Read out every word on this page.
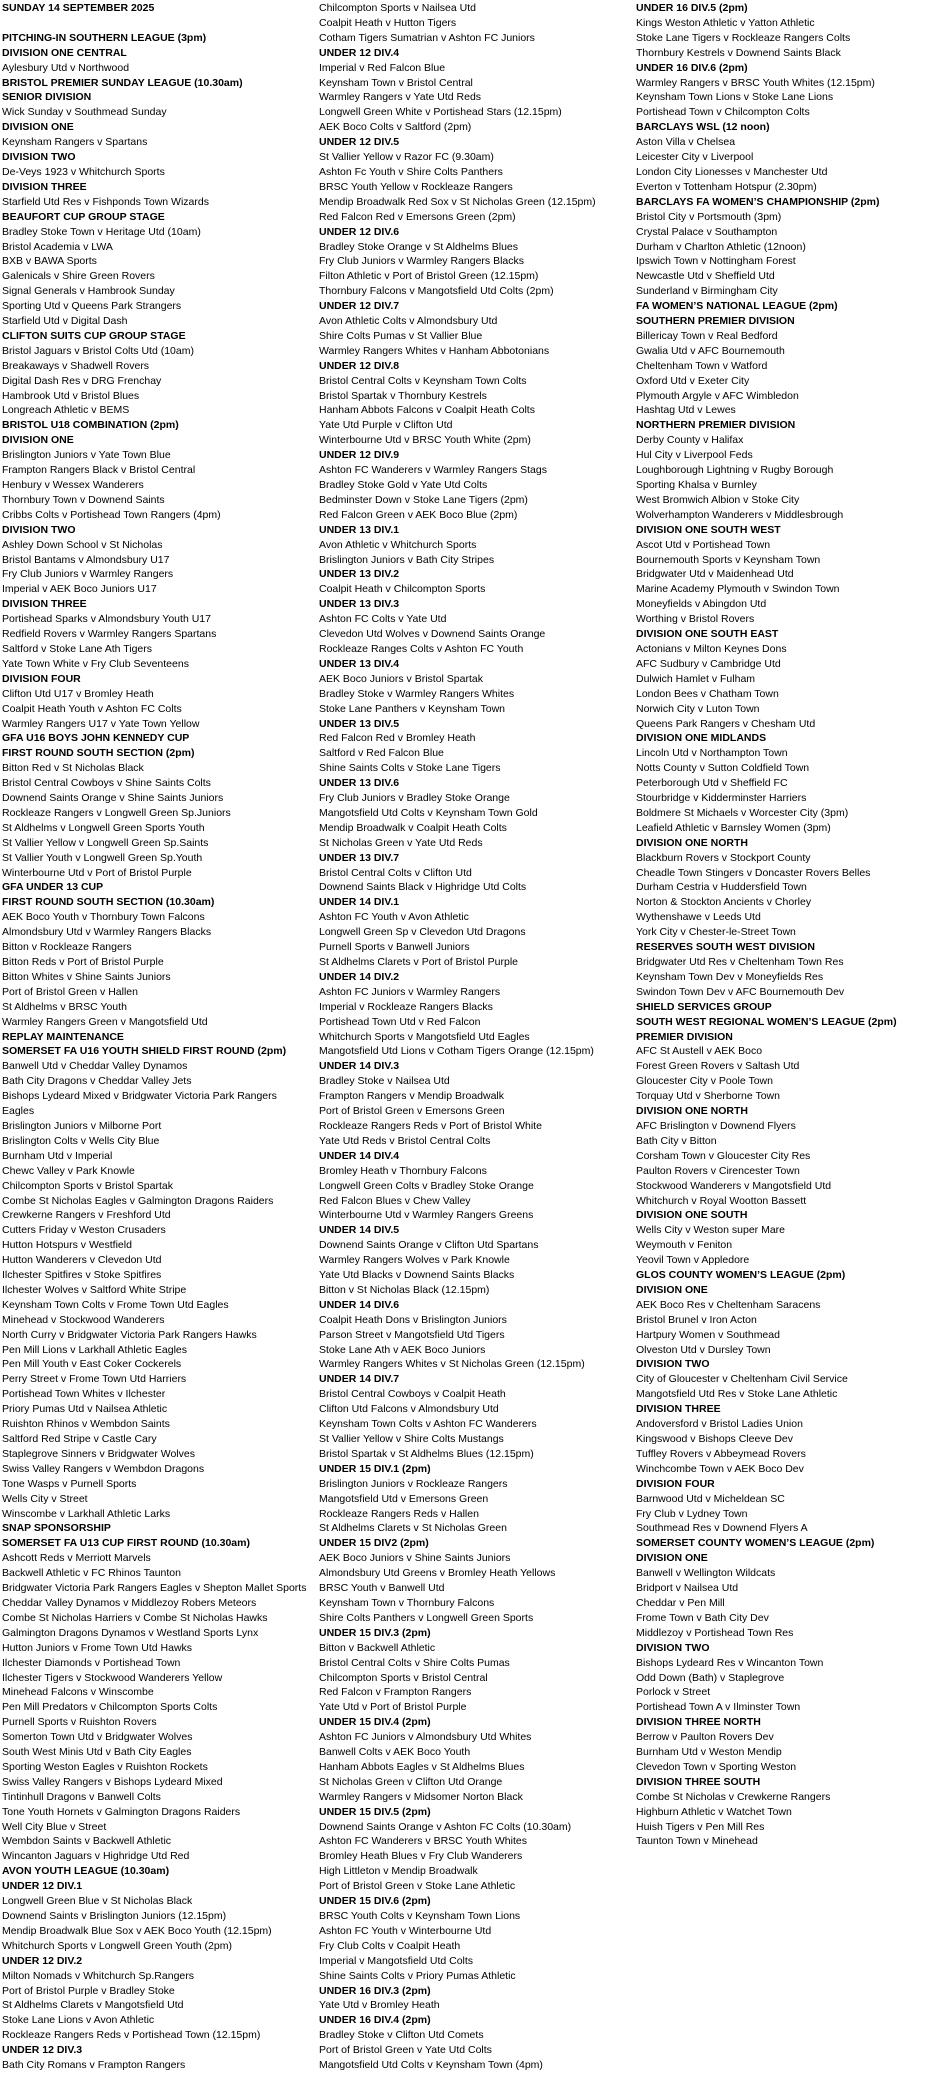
SUNDAY 14 SEPTEMBER 2025

PITCHING-IN SOUTHERN LEAGUE (3pm)
DIVISION ONE CENTRAL
Aylesbury Utd v Northwood
BRISTOL PREMIER SUNDAY LEAGUE (10.30am)
SENIOR DIVISION
Wick Sunday v Southmead Sunday
DIVISION ONE
Keynsham Rangers v Spartans
DIVISION TWO
De-Veys 1923 v Whitchurch Sports
DIVISION THREE
Starfield Utd Res v Fishponds Town Wizards
BEAUFORT CUP GROUP STAGE
Bradley Stoke Town v Heritage Utd (10am)
Bristol Academia v LWA
BXB v BAWA Sports
Galenicals v Shire Green Rovers
Signal Generals v Hambrook Sunday
Sporting Utd v Queens Park Strangers
Starfield Utd v Digital Dash
CLIFTON SUITS CUP GROUP STAGE
Bristol Jaguars v Bristol Colts Utd (10am)
Breakaways v Shadwell Rovers
Digital Dash Res v DRG Frenchay
Hambrook Utd v Bristol Blues
Longreach Athletic v BEMS
BRISTOL U18 COMBINATION (2pm)
DIVISION ONE
Brislington Juniors v Yate Town Blue
Frampton Rangers Black v Bristol Central
Henbury v Wessex Wanderers
Thornbury Town v Downend Saints
Cribbs Colts v Portishead Town Rangers (4pm)
DIVISION TWO
Ashley Down School v St Nicholas
Bristol Bantams v Almondsbury U17
Fry Club Juniors v Warmley Rangers
Imperial v AEK Boco Juniors U17
DIVISION THREE
Portishead Sparks v Almondsbury Youth U17
Redfield Rovers v Warmley Rangers Spartans
Saltford v Stoke Lane Ath Tigers
Yate Town White v Fry Club Seventeens
DIVISION FOUR
Clifton Utd U17 v Bromley Heath
Coalpit Heath Youth v Ashton FC Colts
Warmley Rangers U17 v Yate Town Yellow
GFA U16 BOYS JOHN KENNEDY CUP
FIRST ROUND SOUTH SECTION (2pm)
Bitton Red v St Nicholas Black
Bristol Central Cowboys v Shine Saints Colts
Downend Saints Orange v Shine Saints Juniors
Rockleaze Rangers v Longwell Green Sp.Juniors
St Aldhelms v Longwell Green Sports Youth
St Vallier Yellow v Longwell Green Sp.Saints
St Vallier Youth v Longwell Green Sp.Youth
Winterbourne Utd v Port of Bristol Purple
GFA UNDER 13 CUP
FIRST ROUND SOUTH SECTION (10.30am)
AEK Boco Youth v Thornbury Town Falcons
Almondsbury Utd v Warmley Rangers Blacks
Bitton v Rockleaze Rangers
Bitton Reds v Port of Bristol Purple
Bitton Whites v Shine Saints Juniors
Port of Bristol Green v Hallen
St Aldhelms v BRSC Youth
Warmley Rangers Green v Mangotsfield Utd
REPLAY MAINTENANCE
SOMERSET FA U16 YOUTH SHIELD FIRST ROUND (2pm)
Banwell Utd v Cheddar Valley Dynamos
Bath City Dragons v Cheddar Valley Jets
Bishops Lydeard Mixed v Bridgwater Victoria Park Rangers Eagles
Brislington Juniors v Milborne Port
Brislington Colts v Wells City Blue
Burnham Utd v Imperial
Chewc Valley v Park Knowle
Chilcompton Sports v Bristol Spartak
Combe St Nicholas Eagles v Galmington Dragons Raiders
Crewkerne Rangers v Freshford Utd
Cutters Friday v Weston Crusaders
Hutton Hotspurs v Westfield
Hutton Wanderers v Clevedon Utd
Ilchester Spitfires v Stoke Spitfires
Ilchester Wolves v Saltford White Stripe
Keynsham Town Colts v Frome Town Utd Eagles
Minehead v Stockwood Wanderers
North Curry v Bridgwater Victoria Park Rangers Hawks
Pen Mill Lions v Larkhall Athletic Eagles
Pen Mill Youth v East Coker Cockerels
Perry Street v Frome Town Utd Harriers
Portishead Town Whites v Ilchester
Priory Pumas Utd v Nailsea Athletic
Ruishton Rhinos v Wembdon Saints
Saltford Red Stripe v Castle Cary
Staplegrove Sinners v Bridgwater Wolves
Swiss Valley Rangers v Wembdon Dragons
Tone Wasps v Purnell Sports
Wells City v Street
Winscombe v Larkhall Athletic Larks
SNAP SPONSORSHIP
SOMERSET FA U13 CUP FIRST ROUND (10.30am)
Ashcott Reds v Merriott Marvels
Backwell Athletic v FC Rhinos Taunton
Bridgwater Victoria Park Rangers Eagles v Shepton Mallet Sports
Cheddar Valley Dynamos v Middlezoy Robers Meteors
Combe St Nicholas Harriers v Combe St Nicholas Hawks
Galmington Dragons Dynamos v Westland Sports Lynx
Hutton Juniors v Frome Town Utd Hawks
Ilchester Diamonds v Portishead Town
Ilchester Tigers v Stockwood Wanderers Yellow
Minehead Falcons v Winscombe
Pen Mill Predators v Chilcompton Sports Colts
Purnell Sports v Ruishton Rovers
Somerton Town Utd v Bridgwater Wolves
South West Minis Utd v Bath City Eagles
Sporting Weston Eagles v Ruishton Rockets
Swiss Valley Rangers v Bishops Lydeard Mixed
Tintinhull Dragons v Banwell Colts
Tone Youth Hornets v Galmington Dragons Raiders
Well City Blue v Street
Wembdon Saints v Backwell Athletic
Wincanton Jaguars v Highridge Utd Red
AVON YOUTH LEAGUE (10.30am)
UNDER 12 DIV.1
Longwell Green Blue v St Nicholas Black
Downend Saints v Brislington Juniors (12.15pm)
Mendip Broadwalk Blue Sox v AEK Boco Youth (12.15pm)
Whitchurch Sports v Longwell Green Youth (2pm)
UNDER 12 DIV.2
Milton Nomads v Whitchurch Sp.Rangers
Port of Bristol Purple v Bradley Stoke
St Aldhelms Clarets v Mangotsfield Utd
Stoke Lane Lions v Avon Athletic
Rockleaze Rangers Reds v Portishead Town (12.15pm)
UNDER 12 DIV.3
Bath City Romans v Frampton Rangers
Chilcompton Sports v Nailsea Utd
Coalpit Heath v Hutton Tigers
Cotham Tigers Sumatrian v Ashton FC Juniors
UNDER 12 DIV.4
Imperial v Red Falcon Blue
Keynsham Town v Bristol Central
Warmley Rangers v Yate Utd Reds
Longwell Green White v Portishead Stars (12.15pm)
AEK Boco Colts v Saltford (2pm)
UNDER 12 DIV.5
St Vallier Yellow v Razor FC (9.30am)
Ashton Fc Youth v Shire Colts Panthers
BRSC Youth Yellow v Rockleaze Rangers
Mendip Broadwalk Red Sox v St Nicholas Green (12.15pm)
Red Falcon Red v Emersons Green (2pm)
UNDER 12 DIV.6
Bradley Stoke Orange v St Aldhelms Blues
Fry Club Juniors v Warmley Rangers Blacks
Filton Athletic v Port of Bristol Green (12.15pm)
Thornbury Falcons v Mangotsfield Utd Colts (2pm)
UNDER 12 DIV.7
Avon Athletic Colts v Almondsbury Utd
Shire Colts Pumas v St Vallier Blue
Warmley Rangers Whites v Hanham Abbotonians
UNDER 12 DIV.8
Bristol Central Colts v Keynsham Town Colts
Bristol Spartak v Thornbury Kestrels
Hanham Abbots Falcons v Coalpit Heath Colts
Yate Utd Purple v Clifton Utd
Winterbourne Utd v BRSC Youth White (2pm)
UNDER 12 DIV.9
Ashton FC Wanderers v Warmley Rangers Stags
Bradley Stoke Gold v Yate Utd Colts
Bedminster Down v Stoke Lane Tigers (2pm)
Red Falcon Green v AEK Boco Blue (2pm)
UNDER 13 DIV.1
Avon Athletic v Whitchurch Sports
Brislington Juniors v Bath City Stripes
UNDER 13 DIV.2
Coalpit Heath v Chilcompton Sports
UNDER 13 DIV.3
Ashton FC Colts v Yate Utd
Clevedon Utd Wolves v Downend Saints Orange
Rockleaze Ranges Colts v Ashton FC Youth
UNDER 13 DIV.4
AEK Boco Juniors v Bristol Spartak
Bradley Stoke v Warmley Rangers Whites
Stoke Lane Panthers v Keynsham Town
UNDER 13 DIV.5
Red Falcon Red v Bromley Heath
Saltford v Red Falcon Blue
Shine Saints Colts v Stoke Lane Tigers
UNDER 13 DIV.6
Fry Club Juniors v Bradley Stoke Orange
Mangotsfield Utd Colts v Keynsham Town Gold
Mendip Broadwalk v Coalpit Heath Colts
St Nicholas Green v Yate Utd Reds
UNDER 13 DIV.7
Bristol Central Colts v Clifton Utd
Downend Saints Black v Highridge Utd Colts
UNDER 14 DIV.1
Ashton FC Youth v Avon Athletic
Longwell Green Sp v Clevedon Utd Dragons
Purnell Sports v Banwell Juniors
St Aldhelms Clarets v Port of Bristol Purple
UNDER 14 DIV.2
Ashton FC Juniors v Warmley Rangers
Imperial v Rockleaze Rangers Blacks
Portishead Town Utd v Red Falcon
Whitchurch Sports v Mangotsfield Utd Eagles
Mangotsfield Utd Lions v Cotham Tigers Orange (12.15pm)
UNDER 14 DIV.3
Bradley Stoke v Nailsea Utd
Frampton Rangers v Mendip Broadwalk
Port of Bristol Green v Emersons Green
Rockleaze Rangers Reds v Port of Bristol White
Yate Utd Reds v Bristol Central Colts
UNDER 14 DIV.4
Bromley Heath v Thornbury Falcons
Longwell Green Colts v Bradley Stoke Orange
Red Falcon Blues v Chew Valley
Winterbourne Utd v Warmley Rangers Greens
UNDER 14 DIV.5
Downend Saints Orange v Clifton Utd Spartans
Warmley Rangers Wolves v Park Knowle
Yate Utd Blacks v Downend Saints Blacks
Bitton v St Nicholas Black (12.15pm)
UNDER 14 DIV.6
Coalpit Heath Dons v Brislington Juniors
Parson Street v Mangotsfield Utd Tigers
Stoke Lane Ath v AEK Boco Juniors
Warmley Rangers Whites v St Nicholas Green (12.15pm)
UNDER 14 DIV.7
Bristol Central Cowboys v Coalpit Heath
Clifton Utd Falcons v Almondsbury Utd
Keynsham Town Colts v Ashton FC Wanderers
St Vallier Yellow v Shire Colts Mustangs
Bristol Spartak v St Aldhelms Blues (12.15pm)
UNDER 15 DIV.1 (2pm)
Brislington Juniors v Rockleaze Rangers
Mangotsfield Utd v Emersons Green
Rockleaze Rangers Reds v Hallen
St Aldhelms Clarets v St Nicholas Green
UNDER 15 DIV2 (2pm)
AEK Boco Juniors v Shine Saints Juniors
Almondsbury Utd Greens v Bromley Heath Yellows
BRSC Youth v Banwell Utd
Keynsham Town v Thornbury Falcons
Shire Colts Panthers v Longwell Green Sports
UNDER 15 DIV.3 (2pm)
Bitton v Backwell Athletic
Bristol Central Colts v Shire Colts Pumas
Chilcompton Sports v Bristol Central
Red Falcon v Frampton Rangers
Yate Utd v Port of Bristol Purple
UNDER 15 DIV.4 (2pm)
Ashton FC Juniors v Almondsbury Utd Whites
Banwell Colts v AEK Boco Youth
Hanham Abbots Eagles v St Aldhelms Blues
St Nicholas Green v Clifton Utd Orange
Warmley Rangers v Midsomer Norton Black
UNDER 15 DIV.5 (2pm)
Downend Saints Orange v Ashton FC Colts (10.30am)
Ashton FC Wanderers v BRSC Youth Whites
Bromley Heath Blues v Fry Club Wanderers
High Littleton v Mendip Broadwalk
Port of Bristol Green v Stoke Lane Athletic
UNDER 15 DIV.6 (2pm)
BRSC Youth Colts v Keynsham Town Lions
Ashton FC Youth v Winterbourne Utd
Fry Club Colts v Coalpit Heath
Imperial v Mangotsfield Utd Colts
Shine Saints Colts v Priory Pumas Athletic
UNDER 16 DIV.3 (2pm)
Yate Utd v Bromley Heath
UNDER 16 DIV.4 (2pm)
Bradley Stoke v Clifton Utd Comets
Port of Bristol Green v Yate Utd Colts
Mangotsfield Utd Colts v Keynsham Town (4pm)
UNDER 16 DIV.5 (2pm)
Kings Weston Athletic v Yatton Athletic
Stoke Lane Tigers v Rockleaze Rangers Colts
Thornbury Kestrels v Downend Saints Black
UNDER 16 DIV.6 (2pm)
Warmley Rangers v BRSC Youth Whites (12.15pm)
Keynsham Town Lions v Stoke Lane Lions
Portishead Town v Chilcompton Colts
BARCLAYS WSL (12 noon)
Aston Villa v Chelsea
Leicester City v Liverpool
London City Lionesses v Manchester Utd
Everton v Tottenham Hotspur (2.30pm)
BARCLAYS FA WOMEN’S CHAMPIONSHIP (2pm)
Bristol City v Portsmouth (3pm)
Crystal Palace v Southampton
Durham v Charlton Athletic (12noon)
Ipswich Town v Nottingham Forest
Newcastle Utd v Sheffield Utd
Sunderland v Birmingham City
FA WOMEN’S NATIONAL LEAGUE (2pm)
SOUTHERN PREMIER DIVISION
Billericay Town v Real Bedford
Gwalia Utd v AFC Bournemouth
Cheltenham Town v Watford
Oxford Utd v Exeter City
Plymouth Argyle v AFC Wimbledon
Hashtag Utd v Lewes
NORTHERN PREMIER DIVISION
Derby County v Halifax
Hul City v Liverpool Feds
Loughborough Lightning v Rugby Borough
Sporting Khalsa v Burnley
West Bromwich Albion v Stoke City
Wolverhampton Wanderers v Middlesbrough
DIVISION ONE SOUTH WEST
Ascot Utd v Portishead Town
Bournemouth Sports v Keynsham Town
Bridgwater Utd v Maidenhead Utd
Marine Academy Plymouth v Swindon Town
Moneyfields v Abingdon Utd
Worthing v Bristol Rovers
DIVISION ONE SOUTH EAST
Actonians v Milton Keynes Dons
AFC Sudbury v Cambridge Utd
Dulwich Hamlet v Fulham
London Bees v Chatham Town
Norwich City v Luton Town
Queens Park Rangers v Chesham Utd
DIVISION ONE MIDLANDS
Lincoln Utd v Northampton Town
Notts County v Sutton Coldfield Town
Peterborough Utd v Sheffield FC
Stourbridge v Kidderminster Harriers
Boldmere St Michaels v Worcester City (3pm)
Leafield Athletic v Barnsley Women (3pm)
DIVISION ONE NORTH
Blackburn Rovers v Stockport County
Cheadle Town Stingers v Doncaster Rovers Belles
Durham Cestria v Huddersfield Town
Norton & Stockton Ancients v Chorley
Wythenshawe v Leeds Utd
York City v Chester-le-Street Town
RESERVES SOUTH WEST DIVISION
Bridgwater Utd Res v Cheltenham Town Res
Keynsham Town Dev v Moneyfields Res
Swindon Town Dev v AFC Bournemouth Dev
SHIELD SERVICES GROUP
SOUTH WEST REGIONAL WOMEN’S LEAGUE (2pm)
PREMIER DIVISION
AFC St Austell v AEK Boco
Forest Green Rovers v Saltash Utd
Gloucester City v Poole Town
Torquay Utd v Sherborne Town
DIVISION ONE NORTH
AFC Brislington v Downend Flyers
Bath City v Bitton
Corsham Town v Gloucester City Res
Paulton Rovers v Cirencester Town
Stockwood Wanderers v Mangotsfield Utd
Whitchurch v Royal Wootton Bassett
DIVISION ONE SOUTH
Wells City v Weston super Mare
Weymouth v Feniton
Yeovil Town v Appledore
GLOS COUNTY WOMEN’S LEAGUE (2pm)
DIVISION ONE
AEK Boco Res v Cheltenham Saracens
Bristol Brunel v Iron Acton
Hartpury Women v Southmead
Olveston Utd v Dursley Town
DIVISION TWO
City of Gloucester v Cheltenham Civil Service
Mangotsfield Utd Res v Stoke Lane Athletic
DIVISION THREE
Andoversford v Bristol Ladies Union
Kingswood v Bishops Cleeve Dev
Tuffley Rovers v Abbeymead Rovers
Winchcombe Town v AEK Boco Dev
DIVISION FOUR
Barnwood Utd v Micheldean SC
Fry Club v Lydney Town
Southmead Res v Downend Flyers A
SOMERSET COUNTY WOMEN’S LEAGUE (2pm)
DIVISION ONE
Banwell v Wellington Wildcats
Bridport v Nailsea Utd
Cheddar v Pen Mill
Frome Town v Bath City Dev
Middlezoy v Portishead Town Res
DIVISION TWO
Bishops Lydeard Res v Wincanton Town
Odd Down (Bath) v Staplegrove
Porlock v Street
Portishead Town A v Ilminster Town
DIVISION THREE NORTH
Berrow v Paulton Rovers Dev
Burnham Utd v Weston Mendip
Clevedon Town v Sporting Weston
DIVISION THREE SOUTH
Combe St Nicholas v Crewkerne Rangers
Highburn Athletic v Watchet Town
Huish Tigers v Pen Mill Res
Taunton Town v Minehead
